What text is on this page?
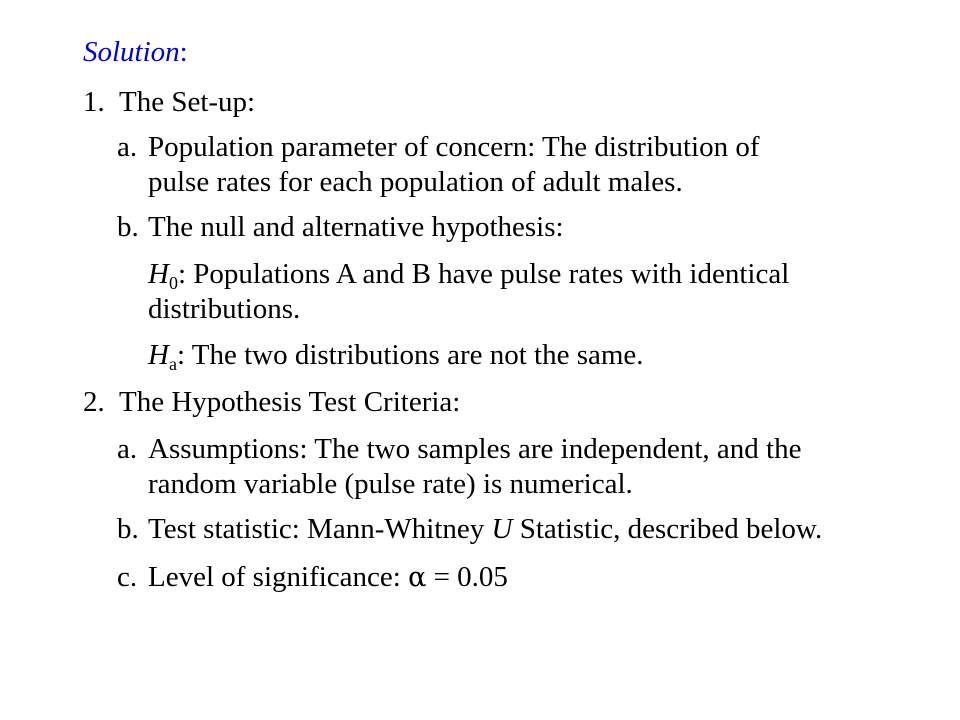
Solution:
1. The Set-up:
a. Population parameter of concern: The distribution of
pulse rates for each population of adult males.
b. The null and alternative hypothesis:
$H_0$: Populations A and B have pulse rates with identical
distributions.
$H_a$: The two distributions are not the same.
2. The Hypothesis Test Criteria:
a. Assumptions: The two samples are independent, and the
random variable (pulse rate) is numerical.
b. Test statistic: Mann-Whitney U Statistic, described below.
c. Level of significance: α = 0.05
